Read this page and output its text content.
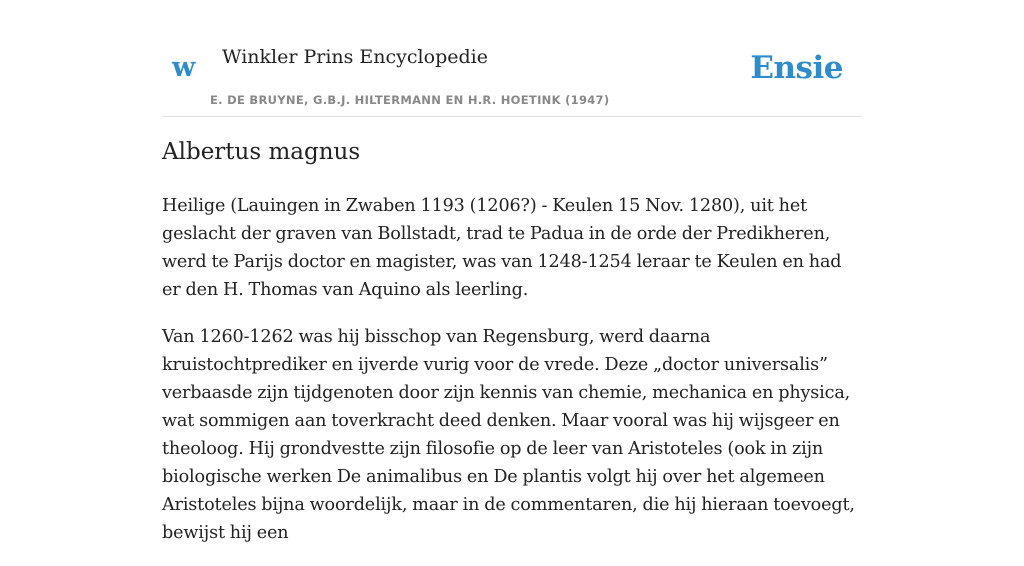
w Winkler Prins Encyclopedie
E. DE BRUYNE, G.B.J. HILTERMANN EN H.R. HOETINK (1947)
Ensie
Albertus magnus

Heilige (Lauingen in Zwaben 1193 (1206?) - Keulen 15 Nov. 1280), uit het geslacht der graven van Bollstadt, trad te Padua in de orde der Predikheren, werd te Parijs doctor en magister, was van 1248-1254 leraar te Keulen en had er den H. Thomas van Aquino als leerling.

Van 1260-1262 was hij bisschop van Regensburg, werd daarna kruistochtprediker en ijverde vurig voor de vrede. Deze „doctor universalis” verbaasde zijn tijdgenoten door zijn kennis van chemie, mechanica en physica, wat sommigen aan toverkracht deed denken. Maar vooral was hij wijsgeer en theoloog. Hij grondvestte zijn filosofie op de leer van Aristoteles (ook in zijn biologische werken De animalibus en De plantis volgt hij over het algemeen Aristoteles bijna woordelijk, maar in de commentaren, die hij hieraan toevoegt, bewijst hij een
